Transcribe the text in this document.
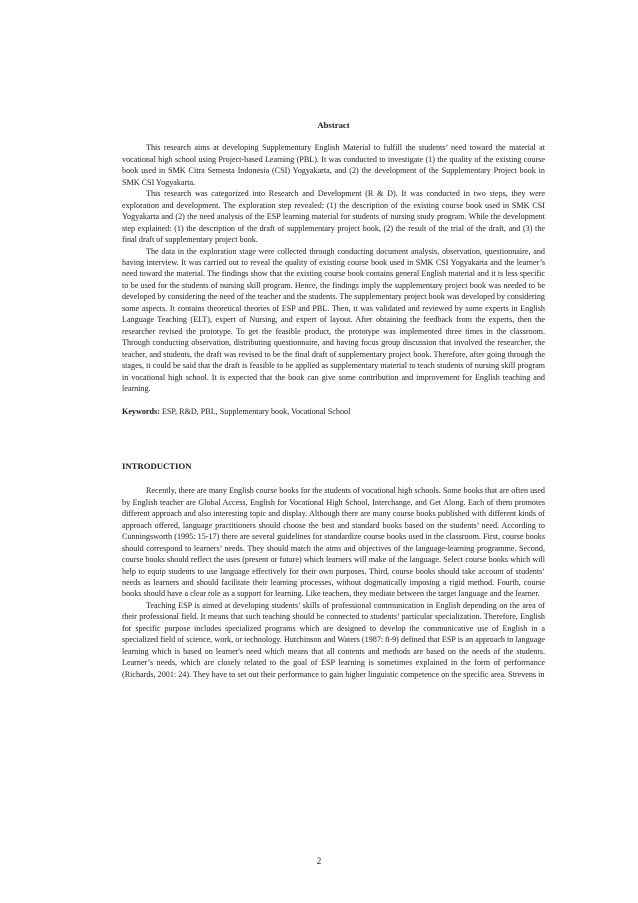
Abstract

This research aims at developing Supplementary English Material to fulfill the students’ need toward the material at vocational high school using Project-based Learning (PBL). It was conducted to investigate (1) the quality of the existing course book used in SMK Citra Semesta Indonesia (CSI) Yogyakarta, and (2) the development of the Supplementary Project book in SMK CSI Yogyakarta.

This research was categorized into Research and Development (R & D). It was conducted in two steps, they were exploration and development. The exploration step revealed: (1) the description of the existing course book used in SMK CSI Yogyakarta and (2) the need analysis of the ESP learning material for students of nursing study program. While the development step explained: (1) the description of the draft of supplementary project book, (2) the result of the trial of the draft, and (3) the final draft of supplementary project book.

The data in the exploration stage were collected through conducting document analysis, observation, questionnaire, and having interview. It was carried out to reveal the quality of existing course book used in SMK CSI Yogyakarta and the learner’s need toward the material. The findings show that the existing course book contains general English material and it is less specific to be used for the students of nursing skill program. Hence, the findings imply the supplementary project book was needed to be developed by considering the need of the teacher and the students. The supplementary project book was developed by considering some aspects. It contains theoretical theories of ESP and PBL. Then, it was validated and reviewed by some experts in English Language Teaching (ELT), expert of Nursing, and expert of layout. After obtaining the feedback from the experts, then the researcher revised the prototype. To get the feasible product, the prototype was implemented three times in the classroom. Through conducting observation, distributing questionnaire, and having focus group discussion that involved the researcher, the teacher, and students, the draft was revised to be the final draft of supplementary project book. Therefore, after going through the stages, it could be said that the draft is feasible to be applied as supplementary material to teach students of nursing skill program in vocational high school. It is expected that the book can give some contribution and improvement for English teaching and learning.

Keywords: ESP, R&D, PBL, Supplementary book, Vocational School

INTRODUCTION

Recently, there are many English course books for the students of vocational high schools. Some books that are often used by English teacher are Global Access, English for Vocational High School, Interchange, and Get Along. Each of them promotes different approach and also interesting topic and display. Although there are many course books published with different kinds of approach offered, language practitioners should choose the best and standard books based on the students’ need. According to Cunningsworth (1995: 15-17) there are several guidelines for standardize course books used in the classroom. First, course books should correspond to learners’ needs. They should match the aims and objectives of the language-learning programme. Second, course books should reflect the uses (present or future) which learners will make of the language. Select course books which will help to equip students to use language effectively for their own purposes. Third, course books should take account of students’ needs as learners and should facilitate their learning processes, without dogmatically imposing a rigid method. Fourth, course books should have a clear role as a support for learning. Like teachers, they mediate between the target language and the learner.

Teaching ESP is aimed at developing students’ skills of professional communication in English depending on the area of their professional field. It means that such teaching should be connected to students’ particular specialization. Therefore, English for specific purpose includes specialized programs which are designed to develop the communicative use of English in a specialized field of science, work, or technology. Hutchinson and Waters (1987: 8-9) defined that ESP is an approach to language learning which is based on learner's need which means that all contents and methods are based on the needs of the students. Learner’s needs, which are closely related to the goal of ESP learning is sometimes explained in the form of performance (Richards, 2001: 24). They have to set out their performance to gain higher linguistic competence on the specific area. Strevens in

2
